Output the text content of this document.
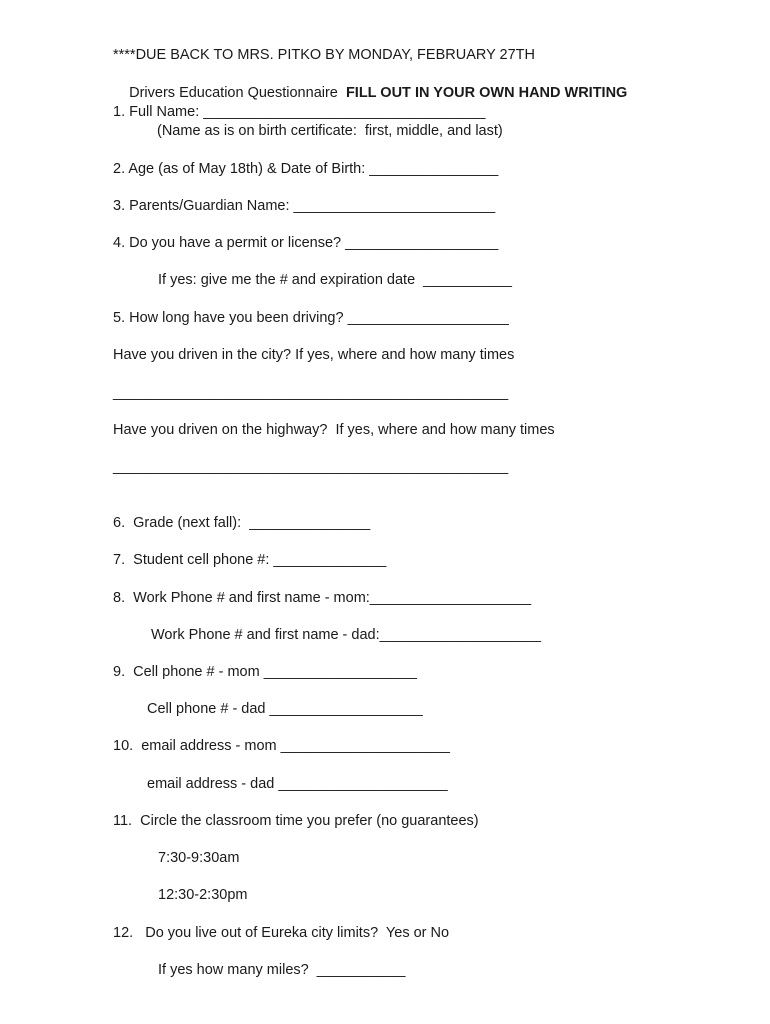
****DUE BACK TO MRS. PITKO BY MONDAY, FEBRUARY 27TH

Drivers Education Questionnaire FILL OUT IN YOUR OWN HAND WRITING

1. Full Name: ___________________________________
(Name as is on birth certificate:  first, middle, and last)
2. Age (as of May 18th) & Date of Birth: ________________
3. Parents/Guardian Name: _________________________
4. Do you have a permit or license? ___________________
If yes: give me the # and expiration date  ___________
5. How long have you been driving? ____________________
Have you driven in the city? If yes, where and how many times
_________________________________________________
Have you driven on the highway?  If yes, where and how many times
_________________________________________________
6.  Grade (next fall):  _______________
7.  Student cell phone #: ______________
8.  Work Phone # and first name - mom:____________________
Work Phone # and first name - dad:____________________
9.  Cell phone # - mom ___________________
Cell phone # - dad ___________________
10.  email address - mom _____________________
email address - dad _____________________
11.  Circle the classroom time you prefer (no guarantees)
7:30-9:30am
12:30-2:30pm
12.   Do you live out of Eureka city limits?  Yes or No
If yes how many miles?  ___________
